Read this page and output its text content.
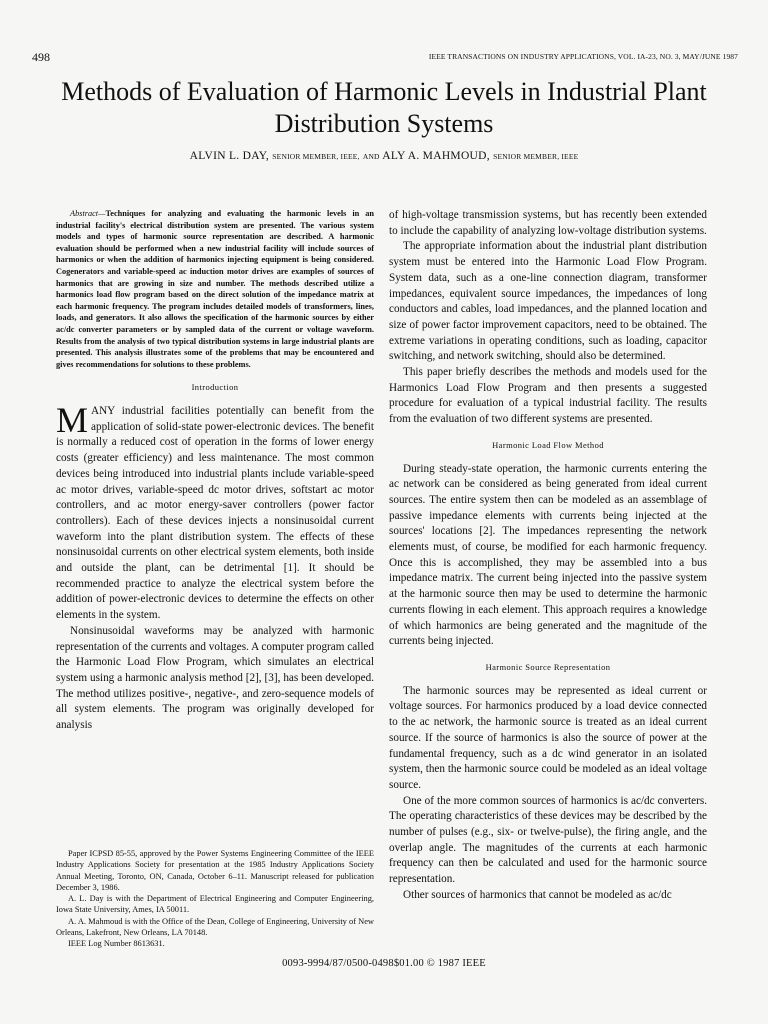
498	IEEE TRANSACTIONS ON INDUSTRY APPLICATIONS, VOL. IA-23, NO. 3, MAY/JUNE 1987
Methods of Evaluation of Harmonic Levels in Industrial Plant Distribution Systems
ALVIN L. DAY, SENIOR MEMBER, IEEE, AND ALY A. MAHMOUD, SENIOR MEMBER, IEEE

Abstract—Techniques for analyzing and evaluating the harmonic levels in an industrial facility's electrical distribution system are presented. The various system models and types of harmonic source representation are described. A harmonic evaluation should be performed when a new industrial facility will include sources of harmonics or when the addition of harmonics injecting equipment is being considered. Cogenerators and variable-speed ac induction motor drives are examples of sources of harmonics that are growing in size and number. The methods described utilize a harmonics load flow program based on the direct solution of the impedance matrix at each harmonic frequency. The program includes detailed models of transformers, lines, loads, and generators. It also allows the specification of the harmonic sources by either ac/dc converter parameters or by sampled data of the current or voltage waveform. Results from the analysis of two typical distribution systems in large industrial plants are presented. This analysis illustrates some of the problems that may be encountered and gives recommendations for solutions to these problems.

Introduction

MANY industrial facilities potentially can benefit from the application of solid-state power-electronic devices. The benefit is normally a reduced cost of operation in the forms of lower energy costs (greater efficiency) and less maintenance. The most common devices being introduced into industrial plants include variable-speed ac motor drives, variable-speed dc motor drives, softstart ac motor controllers, and ac motor energy-saver controllers (power factor controllers). Each of these devices injects a nonsinusoidal current waveform into the plant distribution system. The effects of these nonsinusoidal currents on other electrical system elements, both inside and outside the plant, can be detrimental [1]. It should be recommended practice to analyze the electrical system before the addition of power-electronic devices to determine the effects on other elements in the system.

Nonsinusoidal waveforms may be analyzed with harmonic representation of the currents and voltages. A computer program called the Harmonic Load Flow Program, which simulates an electrical system using a harmonic analysis method [2], [3], has been developed. The method utilizes positive-, negative-, and zero-sequence models of all system elements. The program was originally developed for analysis

Paper ICPSD 85-55, approved by the Power Systems Engineering Committee of the IEEE Industry Applications Society for presentation at the 1985 Industry Applications Society Annual Meeting, Toronto, ON, Canada, October 6–11. Manuscript released for publication December 3, 1986.

A. L. Day is with the Department of Electrical Engineering and Computer Engineering, Iowa State University, Ames, IA 50011.

A. A. Mahmoud is with the Office of the Dean, College of Engineering, University of New Orleans, Lakefront, New Orleans, LA 70148.

IEEE Log Number 8613631.

of high-voltage transmission systems, but has recently been extended to include the capability of analyzing low-voltage distribution systems.

The appropriate information about the industrial plant distribution system must be entered into the Harmonic Load Flow Program. System data, such as a one-line connection diagram, transformer impedances, equivalent source impedances, the impedances of long conductors and cables, load impedances, and the planned location and size of power factor improvement capacitors, need to be obtained. The extreme variations in operating conditions, such as loading, capacitor switching, and network switching, should also be determined.

This paper briefly describes the methods and models used for the Harmonics Load Flow Program and then presents a suggested procedure for evaluation of a typical industrial facility. The results from the evaluation of two different systems are presented.

Harmonic Load Flow Method

During steady-state operation, the harmonic currents entering the ac network can be considered as being generated from ideal current sources. The entire system then can be modeled as an assemblage of passive impedance elements with currents being injected at the sources' locations [2]. The impedances representing the network elements must, of course, be modified for each harmonic frequency. Once this is accomplished, they may be assembled into a bus impedance matrix. The current being injected into the passive system at the harmonic source then may be used to determine the harmonic currents flowing in each element. This approach requires a knowledge of which harmonics are being generated and the magnitude of the currents being injected.

Harmonic Source Representation

The harmonic sources may be represented as ideal current or voltage sources. For harmonics produced by a load device connected to the ac network, the harmonic source is treated as an ideal current source. If the source of harmonics is also the source of power at the fundamental frequency, such as a dc wind generator in an isolated system, then the harmonic source could be modeled as an ideal voltage source.

One of the more common sources of harmonics is ac/dc converters. The operating characteristics of these devices may be described by the number of pulses (e.g., six- or twelve-pulse), the firing angle, and the overlap angle. The magnitudes of the currents at each harmonic frequency can then be calculated and used for the harmonic source representation.

Other sources of harmonics that cannot be modeled as ac/dc

0093-9994/87/0500-0498$01.00 © 1987 IEEE
